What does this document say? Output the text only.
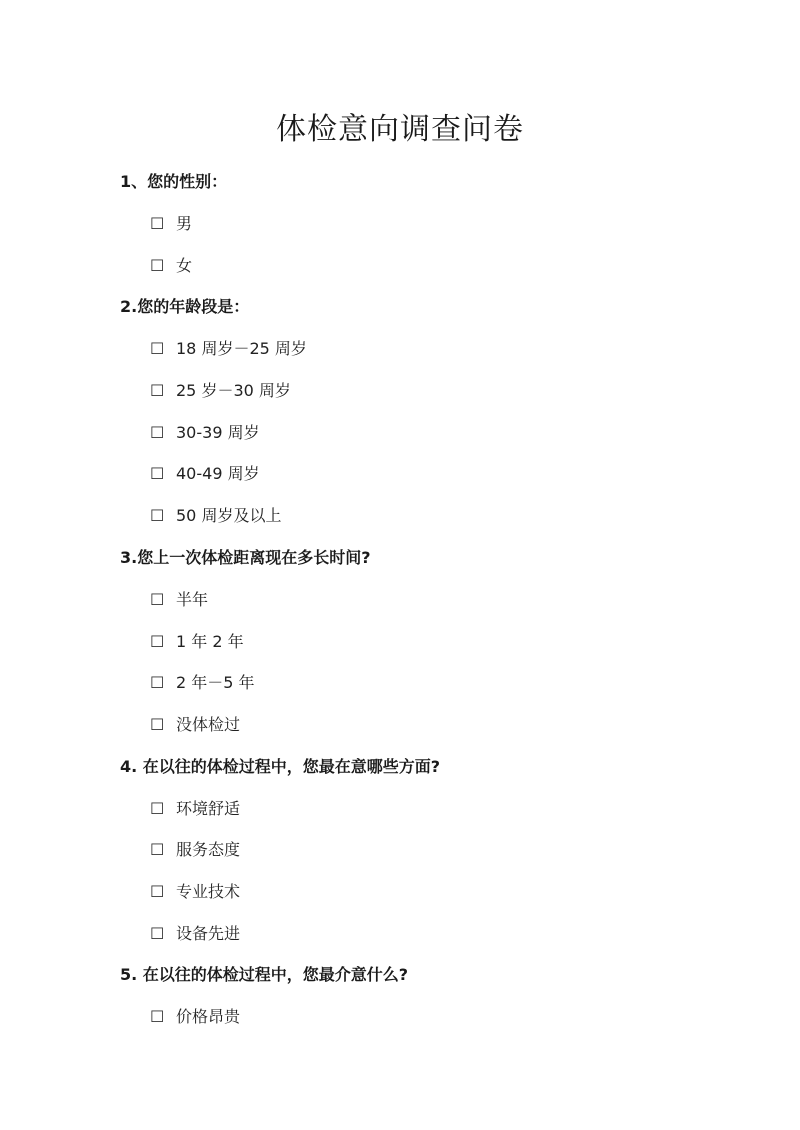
体检意向调查问卷
1、您的性别：
☐ 男
☐ 女
2.您的年龄段是：
☐ 18 周岁－25 周岁
☐ 25 岁－30 周岁
☐ 30-39 周岁
☐ 40-49 周岁
☐ 50 周岁及以上
3.您上一次体检距离现在多长时间?
☐ 半年
☐ 1 年 2 年
☐ 2 年－5 年
☐ 没体检过
4. 在以往的体检过程中，您最在意哪些方面?
☐ 环境舒适
☐ 服务态度
☐ 专业技术
☐ 设备先进
5. 在以往的体检过程中，您最介意什么?
☐ 价格昂贵
